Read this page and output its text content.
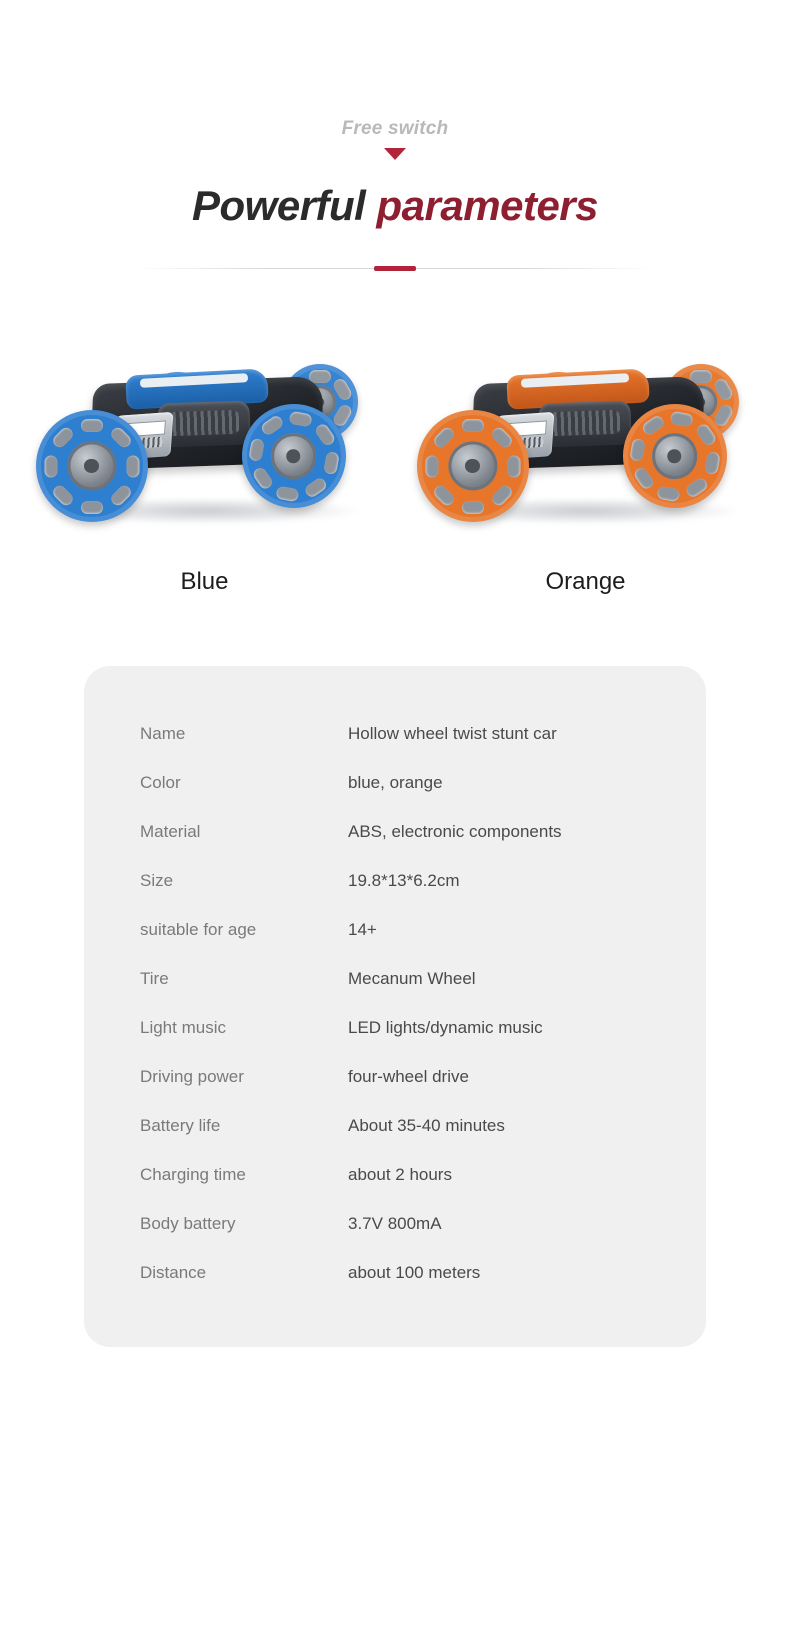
Free switch
Powerful parameters
Blue	Orange
Name	Hollow wheel twist stunt car
Color	blue, orange
Material	ABS, electronic components
Size	19.8*13*6.2cm
suitable for age	14+
Tire	Mecanum Wheel
Light music	LED lights/dynamic music
Driving power	four-wheel drive
Battery life	About 35-40 minutes
Charging time	about 2 hours
Body battery	3.7V 800mA
Distance	about 100 meters
